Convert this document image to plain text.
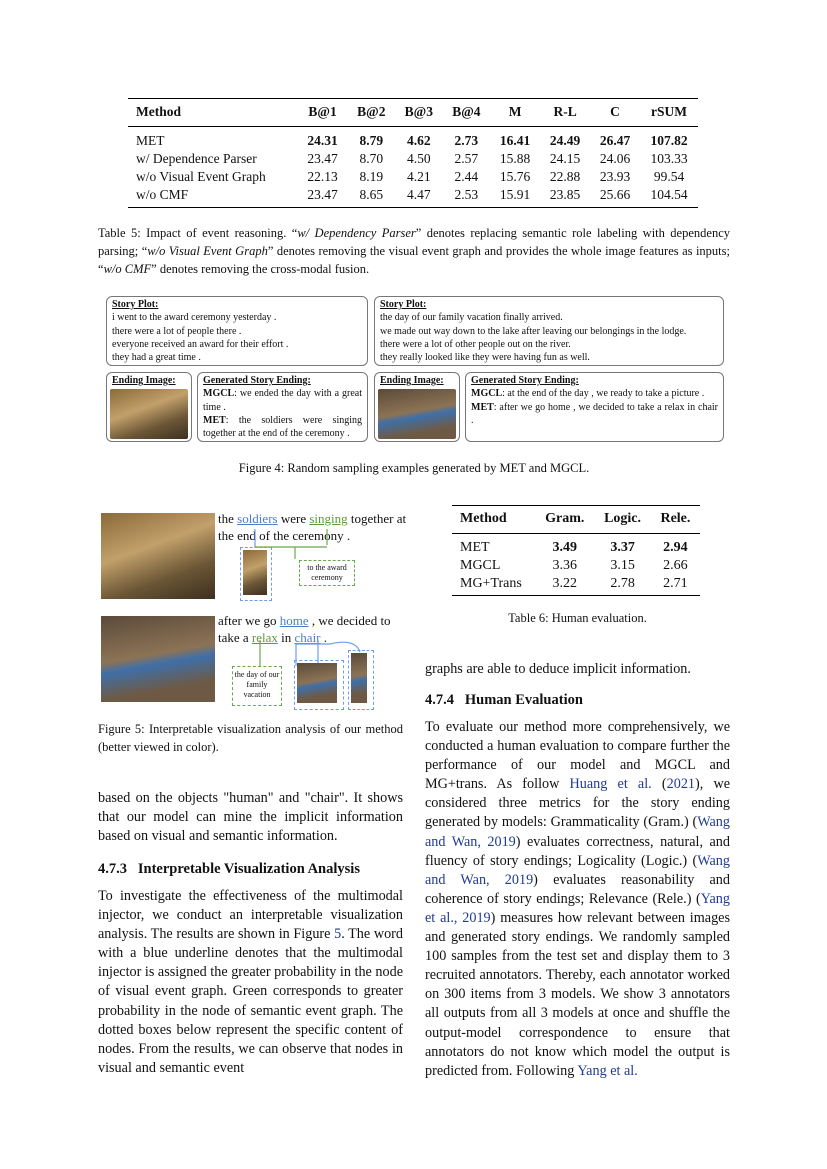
Method	B@1	B@2	B@3	B@4	M	R-L	C	rSUM
MET	24.31	8.79	4.62	2.73	16.41	24.49	26.47	107.82
w/ Dependence Parser	23.47	8.70	4.50	2.57	15.88	24.15	24.06	103.33
w/o Visual Event Graph	22.13	8.19	4.21	2.44	15.76	22.88	23.93	99.54
w/o CMF	23.47	8.65	4.47	2.53	15.91	23.85	25.66	104.54
Table 5: Impact of event reasoning. “w/ Dependency Parser” denotes replacing semantic role labeling with dependency parsing; “w/o Visual Event Graph” denotes removing the visual event graph and provides the whole image features as inputs; “w/o CMF” denotes removing the cross-modal fusion.
Story Plot:
i went to the award ceremony yesterday .
there were a lot of people there .
everyone received an award for their effort .
they had a great time .
Story Plot:
the day of our family vacation finally arrived.
we made out way down to the lake after leaving our belongings in the lodge.
there were a lot of other people out on the river.
they really looked like they were having fun as well.
Ending Image:	Generated Story Ending:
MGCL: we ended the day with a great time .
MET: the soldiers were singing together at the end of the ceremony .
Ending Image:	Generated Story Ending:
MGCL: at the end of the day , we ready to take a picture .
MET: after we go home , we decided to take a relax in chair .
Figure 4: Random sampling examples generated by MET and MGCL.
the soldiers were singing together at the end of the ceremony .
to the award ceremony
after we go home , we decided to take a relax in chair .
the day of our family vacation
Figure 5: Interpretable visualization analysis of our method (better viewed in color).
Method	Gram.	Logic.	Rele.
MET	3.49	3.37	2.94
MGCL	3.36	3.15	2.66
MG+Trans	3.22	2.78	2.71
Table 6: Human evaluation.
based on the objects "human" and "chair". It shows that our model can mine the implicit information based on visual and semantic information.
4.7.3 Interpretable Visualization Analysis
To investigate the effectiveness of the multimodal injector, we conduct an interpretable visualization analysis. The results are shown in Figure 5. The word with a blue underline denotes that the multimodal injector is assigned the greater probability in the node of visual event graph. Green corresponds to greater probability in the node of semantic event graph. The dotted boxes below represent the specific content of nodes. From the results, we can observe that nodes in visual and semantic event
graphs are able to deduce implicit information.
4.7.4 Human Evaluation
To evaluate our method more comprehensively, we conducted a human evaluation to compare further the performance of our model and MGCL and MG+trans. As follow Huang et al. (2021), we considered three metrics for the story ending generated by models: Grammaticality (Gram.) (Wang and Wan, 2019) evaluates correctness, natural, and fluency of story endings; Logicality (Logic.) (Wang and Wan, 2019) evaluates reasonability and coherence of story endings; Relevance (Rele.) (Yang et al., 2019) measures how relevant between images and generated story endings. We randomly sampled 100 samples from the test set and display them to 3 recruited annotators. Thereby, each annotator worked on 300 items from 3 models. We show 3 annotators all outputs from all 3 models at once and shuffle the output-model correspondence to ensure that annotators do not know which model the output is predicted from. Following Yang et al.
